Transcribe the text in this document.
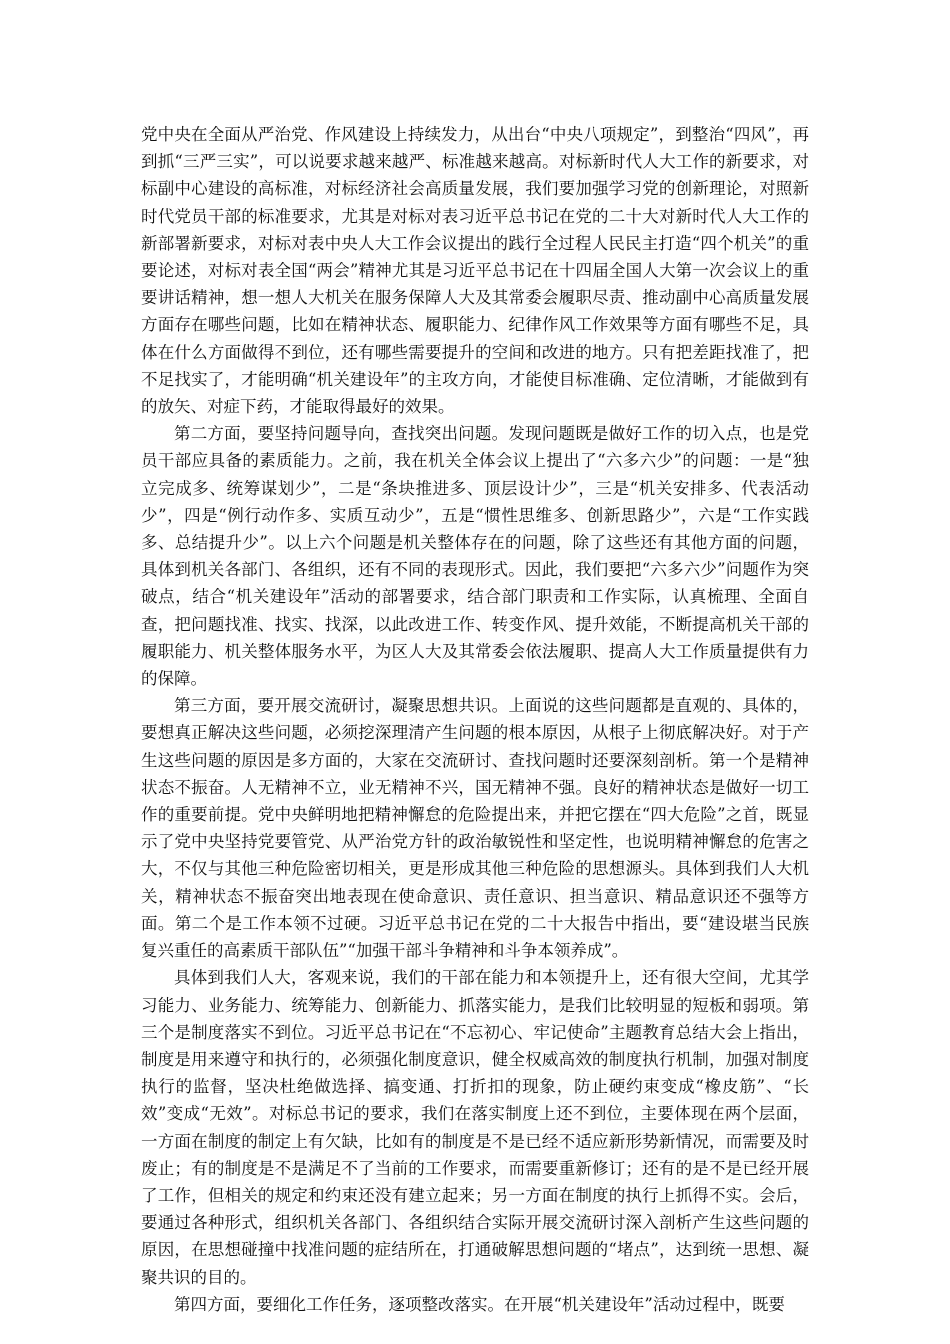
党中央在全面从严治党、作风建设上持续发力，从出台“中央八项规定”，到整治“四风”，再到抓“三严三实”，可以说要求越来越严、标准越来越高。对标新时代人大工作的新要求，对标副中心建设的高标准，对标经济社会高质量发展，我们要加强学习党的创新理论，对照新时代党员干部的标准要求，尤其是对标对表习近平总书记在党的二十大对新时代人大工作的新部署新要求，对标对表中央人大工作会议提出的践行全过程人民民主打造“四个机关”的重要论述，对标对表全国“两会”精神尤其是习近平总书记在十四届全国人大第一次会议上的重要讲话精神，想一想人大机关在服务保障人大及其常委会履职尽责、推动副中心高质量发展方面存在哪些问题，比如在精神状态、履职能力、纪律作风工作效果等方面有哪些不足，具体在什么方面做得不到位，还有哪些需要提升的空间和改进的地方。只有把差距找准了，把不足找实了，才能明确“机关建设年”的主攻方向，才能使目标准确、定位清晰，才能做到有的放矢、对症下药，才能取得最好的效果。

第二方面，要坚持问题导向，查找突出问题。发现问题既是做好工作的切入点，也是党员干部应具备的素质能力。之前，我在机关全体会议上提出了“六多六少”的问题：一是“独立完成多、统筹谋划少”，二是“条块推进多、顶层设计少”，三是“机关安排多、代表活动少”，四是“例行动作多、实质互动少”，五是“惯性思维多、创新思路少”，六是“工作实践多、总结提升少”。以上六个问题是机关整体存在的问题，除了这些还有其他方面的问题，具体到机关各部门、各组织，还有不同的表现形式。因此，我们要把“六多六少”问题作为突破点，结合“机关建设年”活动的部署要求，结合部门职责和工作实际，认真梳理、全面自查，把问题找准、找实、找深，以此改进工作、转变作风、提升效能，不断提高机关干部的履职能力、机关整体服务水平，为区人大及其常委会依法履职、提高人大工作质量提供有力的保障。

第三方面，要开展交流研讨，凝聚思想共识。上面说的这些问题都是直观的、具体的，要想真正解决这些问题，必须挖深理清产生问题的根本原因，从根子上彻底解决好。对于产生这些问题的原因是多方面的，大家在交流研讨、查找问题时还要深刻剖析。第一个是精神状态不振奋。人无精神不立，业无精神不兴，国无精神不强。良好的精神状态是做好一切工作的重要前提。党中央鲜明地把精神懈怠的危险提出来，并把它摆在“四大危险”之首，既显示了党中央坚持党要管党、从严治党方针的政治敏锐性和坚定性，也说明精神懈怠的危害之大，不仅与其他三种危险密切相关，更是形成其他三种危险的思想源头。具体到我们人大机关，精神状态不振奋突出地表现在使命意识、责任意识、担当意识、精品意识还不强等方面。第二个是工作本领不过硬。习近平总书记在党的二十大报告中指出，要“建设堪当民族复兴重任的高素质干部队伍”“加强干部斗争精神和斗争本领养成”。

具体到我们人大，客观来说，我们的干部在能力和本领提升上，还有很大空间，尤其学习能力、业务能力、统筹能力、创新能力、抓落实能力，是我们比较明显的短板和弱项。第三个是制度落实不到位。习近平总书记在“不忘初心、牢记使命”主题教育总结大会上指出，制度是用来遵守和执行的，必须强化制度意识，健全权威高效的制度执行机制，加强对制度执行的监督，坚决杜绝做选择、搞变通、打折扣的现象，防止硬约束变成“橡皮筋”、“长效”变成“无效”。对标总书记的要求，我们在落实制度上还不到位，主要体现在两个层面，一方面在制度的制定上有欠缺，比如有的制度是不是已经不适应新形势新情况，而需要及时废止；有的制度是不是满足不了当前的工作要求，而需要重新修订；还有的是不是已经开展了工作，但相关的规定和约束还没有建立起来；另一方面在制度的执行上抓得不实。会后，要通过各种形式，组织机关各部门、各组织结合实际开展交流研讨深入剖析产生这些问题的原因，在思想碰撞中找准问题的症结所在，打通破解思想问题的“堵点”，达到统一思想、凝聚共识的目的。

第四方面，要细化工作任务，逐项整改落实。在开展“机关建设年”活动过程中，既要
